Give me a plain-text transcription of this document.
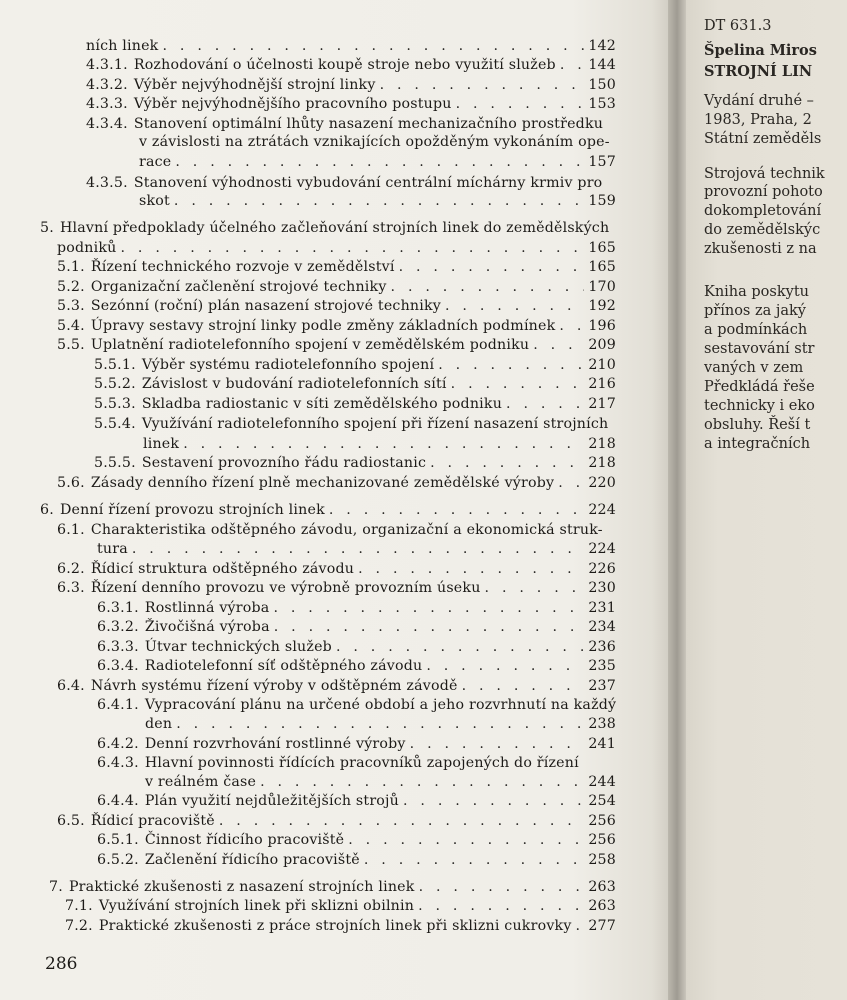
ních linek . . .	142
4.3.1. Rozhodování o účelnosti koupě stroje nebo využití služeb . . . 144
4.3.2. Výběr nejvýhodnější strojní linky . . .	150
4.3.3. Výběr nejvýhodnějšího pracovního postupu . . .	153
4.3.4. Stanovení optimální lhůty nasazení mechanizačního prostředku
v závislosti na ztrátách vznikajících opožděným vykonáním ope-
race . . .	157
4.3.5. Stanovení výhodnosti vybudování centrální míchárny krmiv pro
skot . . .	159
5. Hlavní předpoklady účelného začleňování strojních linek do zemědělských
podniků . . .	165
5.1. Řízení technického rozvoje v zemědělství . . .	165
5.2. Organizační začlenění strojové techniky . . .	170
5.3. Sezónní (roční) plán nasazení strojové techniky . . .	192
5.4. Úpravy sestavy strojní linky podle změny základních podmínek . . . 196
5.5. Uplatnění radiotelefonního spojení v zemědělském podniku . . .	209
5.5.1. Výběr systému radiotelefonního spojení . . .	210
5.5.2. Závislost v budování radiotelefonních sítí . . .	216
5.5.3. Skladba radiostanic v síti zemědělského podniku . . .	217
5.5.4. Využívání radiotelefonního spojení při řízení nasazení strojních
linek . . .	218
5.5.5. Sestavení provozního řádu radiostanic . . .	218
5.6. Zásady denního řízení plně mechanizované zemědělské výroby . . . 220
6. Denní řízení provozu strojních linek . . .	224
6.1. Charakteristika odštěpného závodu, organizační a ekonomická struk-
tura . . .	224
6.2. Řídicí struktura odštěpného závodu . . .	226
6.3. Řízení denního provozu ve výrobně provozním úseku . . .	230
6.3.1. Rostlinná výroba . . .	231
6.3.2. Živočišná výroba . . .	234
6.3.3. Útvar technických služeb . . .	236
6.3.4. Radiotelefonní síť odštěpného závodu . . .	235
6.4. Návrh systému řízení výroby v odštěpném závodě . . .	237
6.4.1. Vypracování plánu na určené období a jeho rozvrhnutí na každý
den . . .	238
6.4.2. Denní rozvrhování rostlinné výroby . . .	241
6.4.3. Hlavní povinnosti řídících pracovníků zapojených do řízení
v reálném čase . . .	244
6.4.4. Plán využití nejdůležitějších strojů . . .	254
6.5. Řídicí pracoviště . . .	256
6.5.1. Činnost řídicího pracoviště . . .	256
6.5.2. Začlenění řídicího pracoviště . . .	258
7. Praktické zkušenosti z nasazení strojních linek . . .	263
7.1. Využívání strojních linek při sklizni obilnin . . .	263
7.2. Praktické zkušenosti z práce strojních linek při sklizni cukrovky . . . 277
286
DT 631.3
Špelina Miros
STROJNÍ LIN
Vydání druhé –
1983, Praha, 2
Státní zeměděls
Strojová technik
provozní pohoto
dokompletování
do zemědělskýc
zkušenosti z na
Kniha poskytu
přínos za jaký
a podmínkách
sestavování str
vaných v zem
Předkládá řeše
technicky i eko
obsluhy. Řeší t
a integračních
